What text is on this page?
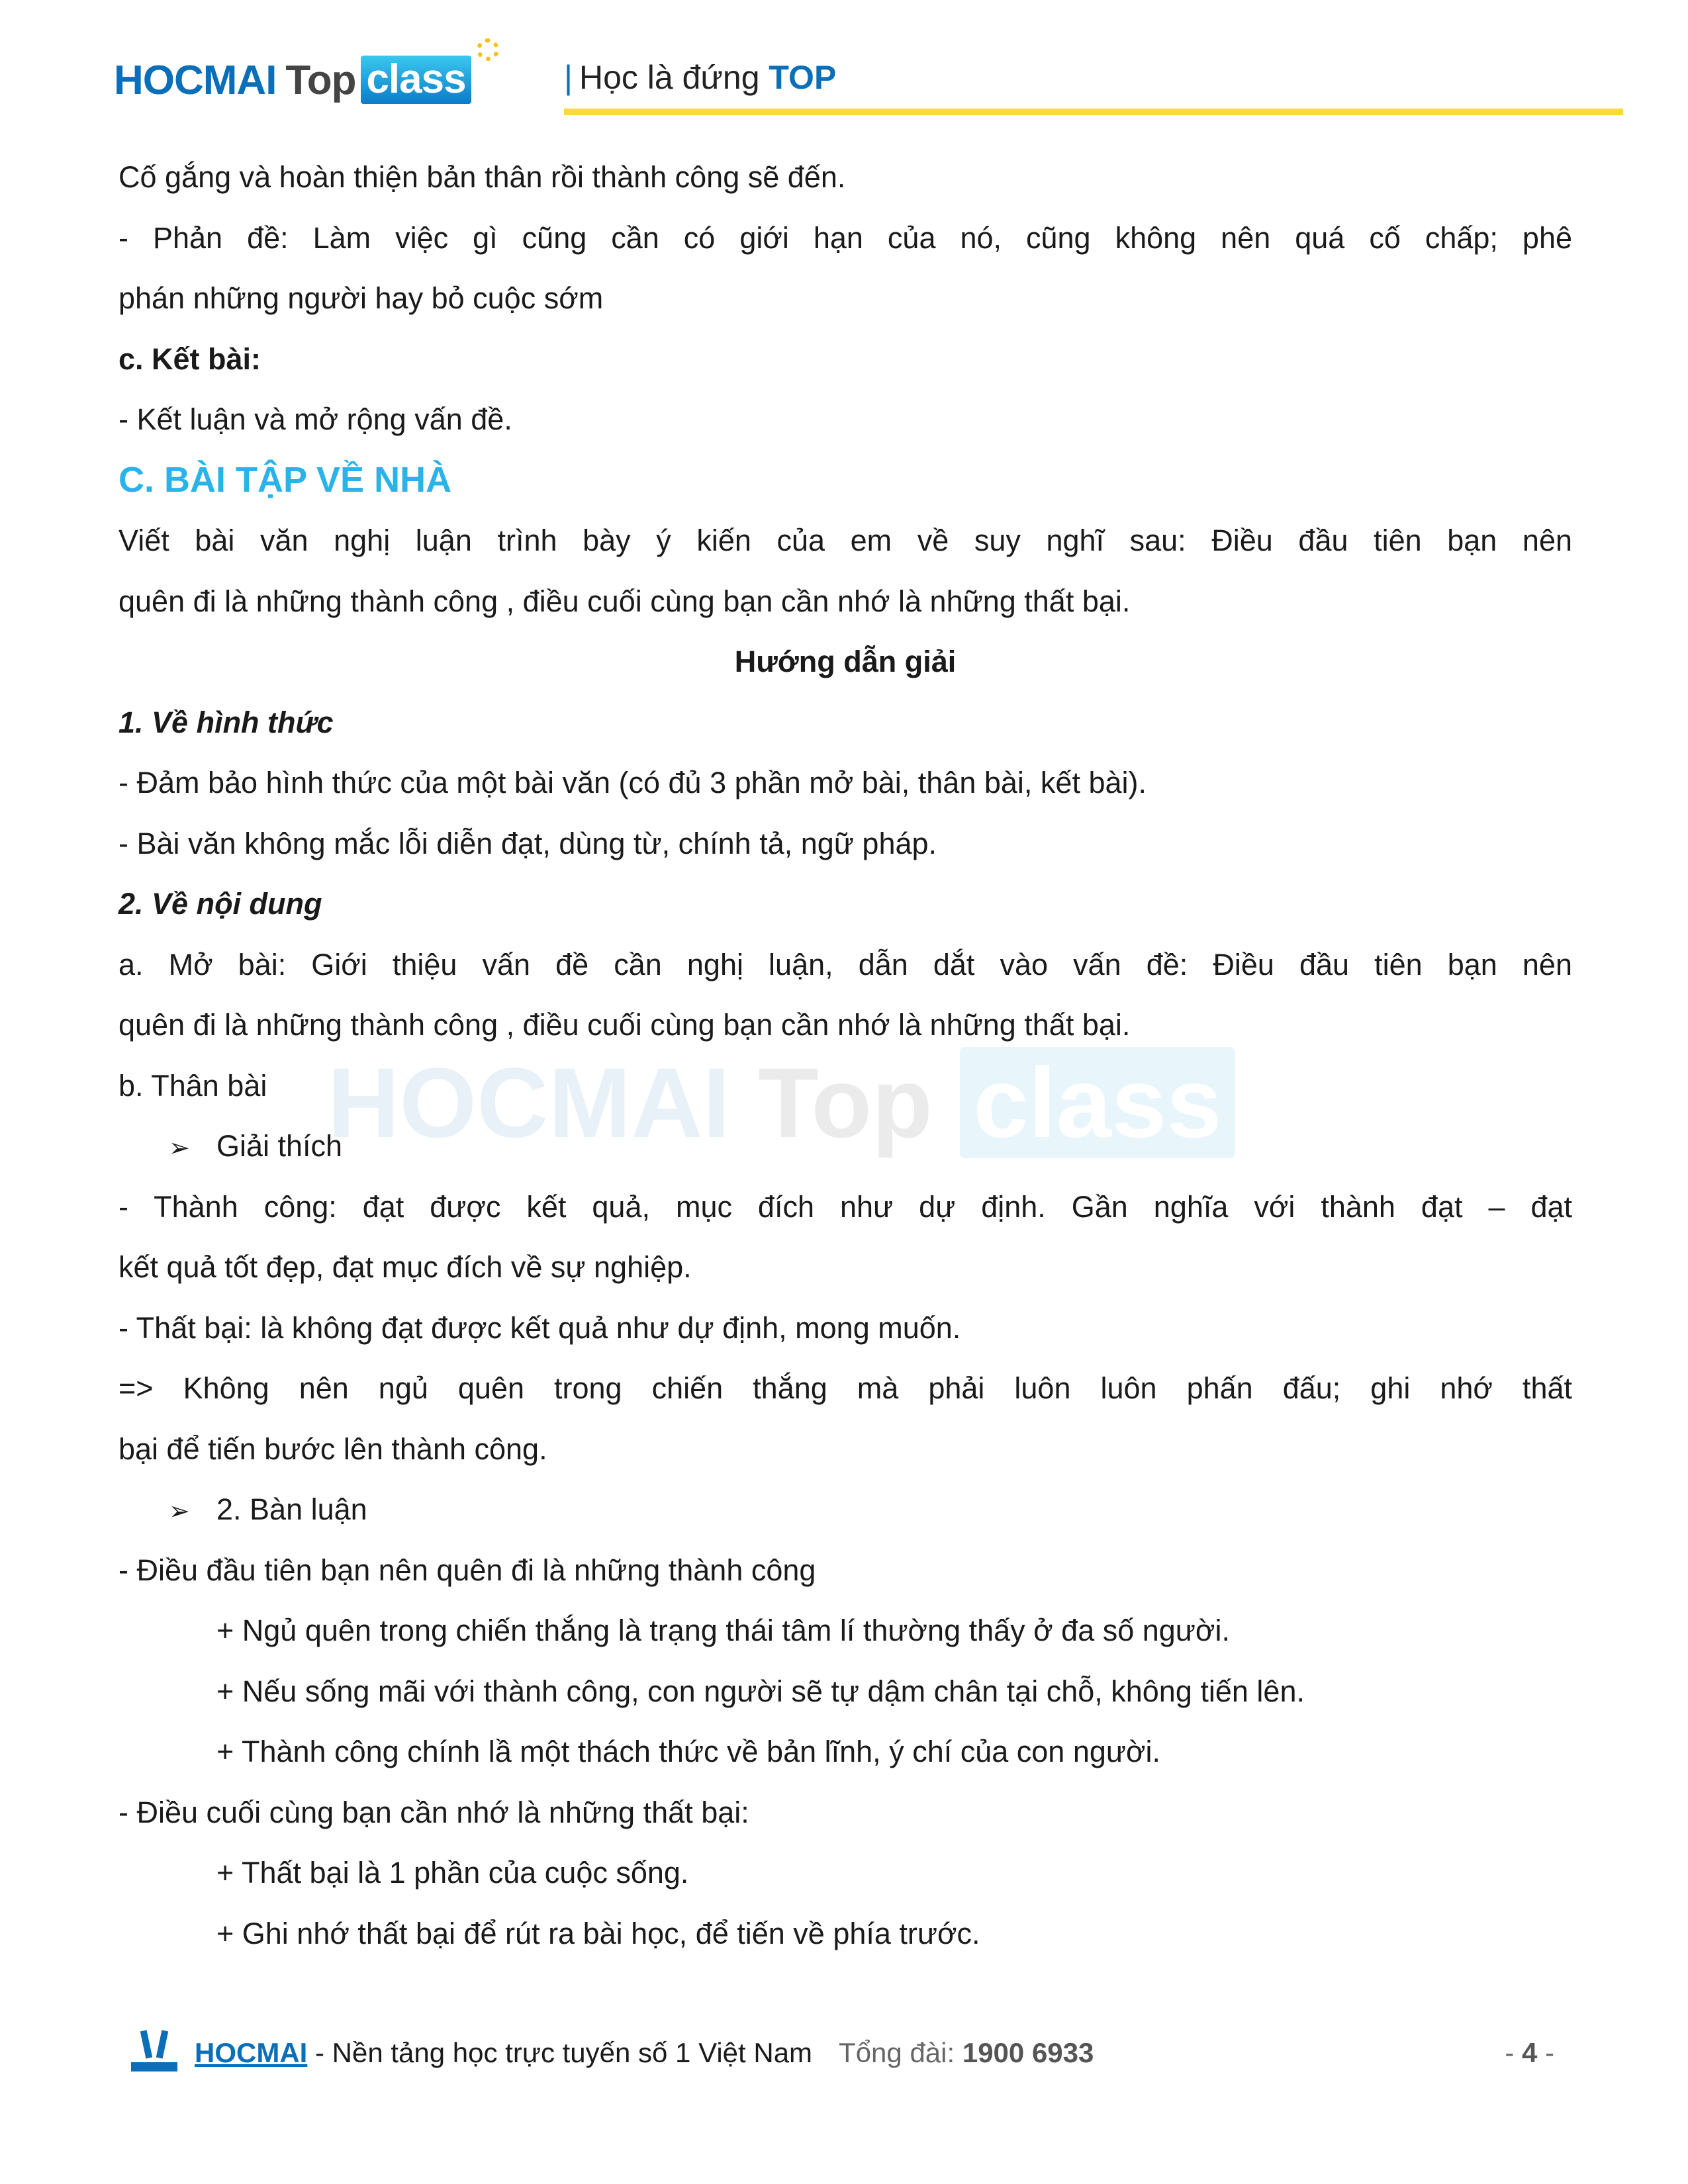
HOCMAI Top class	| Học là đứng TOP
HOCMAI Top class
Cố gắng và hoàn thiện bản thân rồi thành công sẽ đến.
- Phản đề: Làm việc gì cũng cần có giới hạn của nó, cũng không nên quá cố chấp; phê
phán những người hay bỏ cuộc sớm
c. Kết bài:
- Kết luận và mở rộng vấn đề.
C. BÀI TẬP VỀ NHÀ
Viết bài văn nghị luận trình bày ý kiến của em về suy nghĩ sau: Điều đầu tiên bạn nên
quên đi là những thành công , điều cuối cùng bạn cần nhớ là những thất bại.
Hướng dẫn giải
1. Về hình thức
- Đảm bảo hình thức của một bài văn (có đủ 3 phần mở bài, thân bài, kết bài).
- Bài văn không mắc lỗi diễn đạt, dùng từ, chính tả, ngữ pháp.
2. Về nội dung
a. Mở bài: Giới thiệu vấn đề cần nghị luận, dẫn dắt vào vấn đề: Điều đầu tiên bạn nên
quên đi là những thành công , điều cuối cùng bạn cần nhớ là những thất bại.
b. Thân bài
➢ Giải thích
- Thành công: đạt được kết quả, mục đích như dự định. Gần nghĩa với thành đạt – đạt
kết quả tốt đẹp, đạt mục đích về sự nghiệp.
- Thất bại: là không đạt được kết quả như dự định, mong muốn.
=> Không nên ngủ quên trong chiến thắng mà phải luôn luôn phấn đấu; ghi nhớ thất
bại để tiến bước lên thành công.
➢ 2. Bàn luận
- Điều đầu tiên bạn nên quên đi là những thành công
+ Ngủ quên trong chiến thắng là trạng thái tâm lí thường thấy ở đa số người.
+ Nếu sống mãi với thành công, con người sẽ tự dậm chân tại chỗ, không tiến lên.
+ Thành công chính lầ một thách thức về bản lĩnh, ý chí của con người.
- Điều cuối cùng bạn cần nhớ là những thất bại:
+ Thất bại là 1 phần của cuộc sống.
+ Ghi nhớ thất bại để rút ra bài học, để tiến về phía trước.
HOCMAI - Nền tảng học trực tuyến số 1 Việt Nam Tổng đài: 1900 6933	- 4 -
